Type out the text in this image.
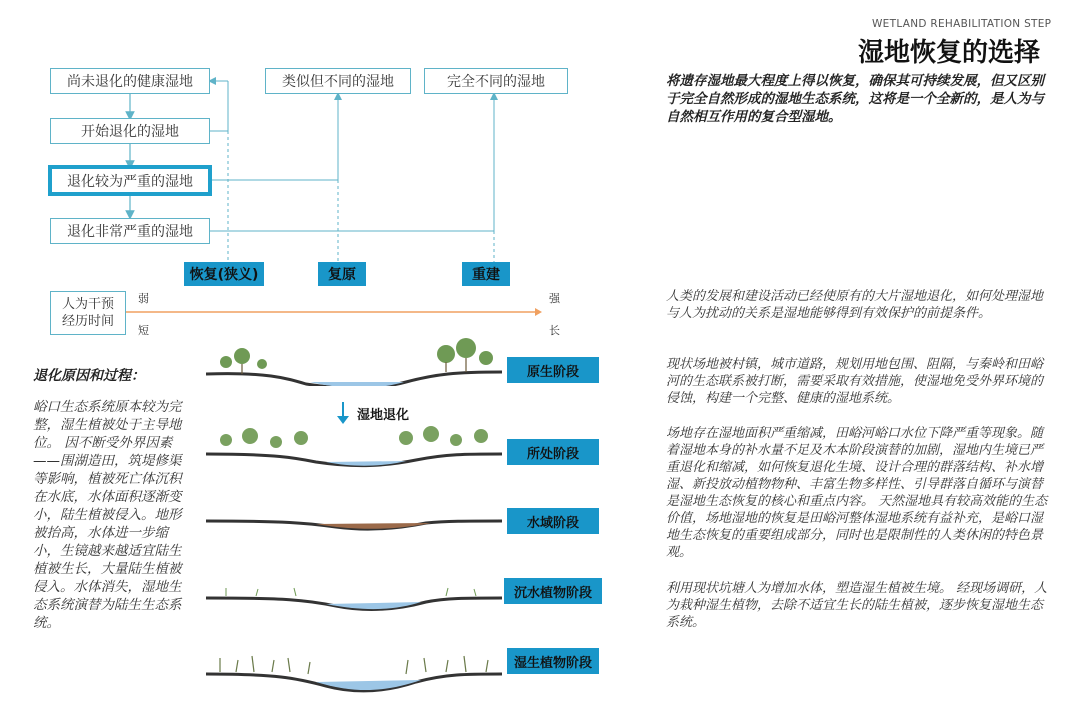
WETLAND REHABILITATION STEP
湿地恢复的选择
将遗存湿地最大程度上得以恢复，确保其可持续发展，但又区别于完全自然形成的湿地生态系统，这将是一个全新的，是人为与自然相互作用的复合型湿地。
尚未退化的健康湿地
开始退化的湿地
退化较为严重的湿地
退化非常严重的湿地
类似但不同的湿地	完全不同的湿地
恢复(狭义)	复原	重建
人为干预经历时间
弱
短
强
长
退化原因和过程：
峪口生态系统原本较为完整，湿生植被处于主导地位。 因不断受外界因素——围湖造田，筑堤修渠等影响，植被死亡体沉积在水底，水体面积逐渐变小，陆生植被侵入。地形被抬高，水体进一步缩小，生镜越来越适宜陆生植被生长，大量陆生植被侵入。水体消失，湿地生态系统演替为陆生生态系统。
原生阶段
湿地退化
所处阶段
水域阶段
沉水植物阶段
湿生植物阶段
人类的发展和建设活动已经使原有的大片湿地退化，如何处理湿地与人为扰动的关系是湿地能够得到有效保护的前提条件。
现状场地被村镇，城市道路，规划用地包围、阻隔，与秦岭和田峪河的生态联系被打断，需要采取有效措施，使湿地免受外界环境的侵蚀，构建一个完整、健康的湿地系统。
场地存在湿地面积严重缩减，田峪河峪口水位下降严重等现象。随着湿地本身的补水量不足及木本阶段演替的加剧，湿地内生境已严重退化和缩减，如何恢复退化生境、设计合理的群落结构、补水增湿、新投放动植物物种、丰富生物多样性、引导群落自循环与演替是湿地生态恢复的核心和重点内容。 天然湿地具有较高效能的生态价值，场地湿地的恢复是田峪河整体湿地系统有益补充，是峪口湿地生态恢复的重要组成部分，同时也是限制性的人类休闲的特色景观。
利用现状坑塘人为增加水体，塑造湿生植被生境。 经现场调研，人为栽种湿生植物，去除不适宜生长的陆生植被，逐步恢复湿地生态系统。
